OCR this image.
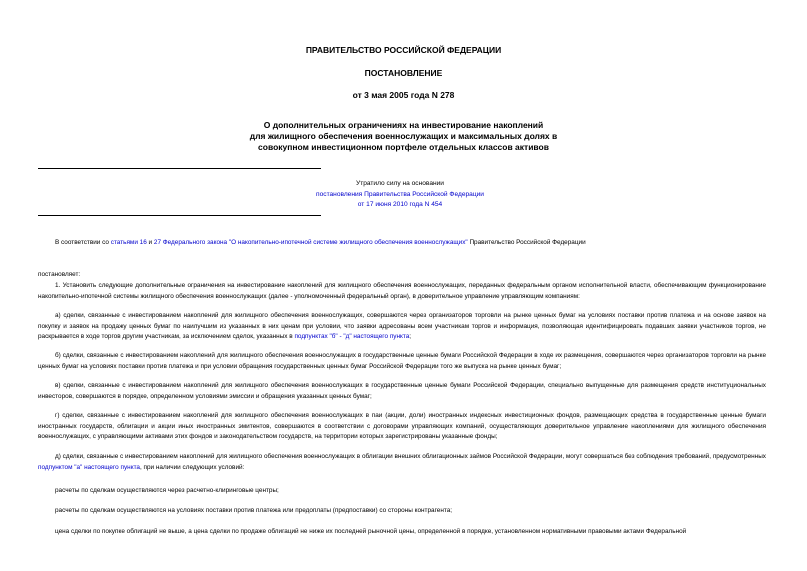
ПРАВИТЕЛЬСТВО РОССИЙСКОЙ ФЕДЕРАЦИИ
ПОСТАНОВЛЕНИЕ
от 3 мая 2005 года N 278
О дополнительных ограничениях на инвестирование накоплений
для жилищного обеспечения военнослужащих и максимальных долях в
совокупном инвестиционном портфеле отдельных классов активов
Утратило силу на основании
постановления Правительства Российской Федерации
от 17 июня 2010 года N 454
В соответствии со статьями 16 и 27 Федерального закона "О накопительно-ипотечной системе жилищного обеспечения военнослужащих" Правительство Российской Федерации
постановляет:
1. Установить следующие дополнительные ограничения на инвестирование накоплений для жилищного обеспечения военнослужащих, переданных федеральным органом исполнительной власти, обеспечивающим функционирование накопительно-ипотечной системы жилищного обеспечения военнослужащих (далее - уполномоченный федеральный орган), в доверительное управление управляющим компаниям:
а) сделки, связанные с инвестированием накоплений для жилищного обеспечения военнослужащих, совершаются через организаторов торговли на рынке ценных бумаг на условиях поставки против платежа и на основе заявок на покупку и заявок на продажу ценных бумаг по наилучшим из указанных в них ценам при условии, что заявки адресованы всем участникам торгов и информация, позволяющая идентифицировать подавших заявки участников торгов, не раскрывается в ходе торгов другим участникам, за исключением сделок, указанных в подпунктах "б" - "д" настоящего пункта;
б) сделки, связанные с инвестированием накоплений для жилищного обеспечения военнослужащих в государственные ценные бумаги Российской Федерации в ходе их размещения, совершаются через организаторов торговли на рынке ценных бумаг на условиях поставки против платежа и при условии обращения государственных ценных бумаг Российской Федерации того же выпуска на рынке ценных бумаг;
в) сделки, связанные с инвестированием накоплений для жилищного обеспечения военнослужащих в государственные ценные бумаги Российской Федерации, специально выпущенные для размещения средств институциональных инвесторов, совершаются в порядке, определенном условиями эмиссии и обращения указанных ценных бумаг;
г) сделки, связанные с инвестированием накоплений для жилищного обеспечения военнослужащих в паи (акции, доли) иностранных индексных инвестиционных фондов, размещающих средства в государственные ценные бумаги иностранных государств, облигации и акции иных иностранных эмитентов, совершаются в соответствии с договорами управляющих компаний, осуществляющих доверительное управление накоплениями для жилищного обеспечения военнослужащих, с управляющими активами этих фондов и законодательством государств, на территории которых зарегистрированы указанные фонды;
д) сделки, связанные с инвестированием накоплений для жилищного обеспечения военнослужащих в облигации внешних облигационных займов Российской Федерации, могут совершаться без соблюдения требований, предусмотренных подпунктом "а" настоящего пункта, при наличии следующих условий:
расчеты по сделкам осуществляются через расчетно-клиринговые центры;
расчеты по сделкам осуществляются на условиях поставки против платежа или предоплаты (предпоставки) со стороны контрагента;
цена сделки по покупке облигаций не выше, а цена сделки по продаже облигаций не ниже их последней рыночной цены, определенной в порядке, установленном нормативными правовыми актами Федеральной
